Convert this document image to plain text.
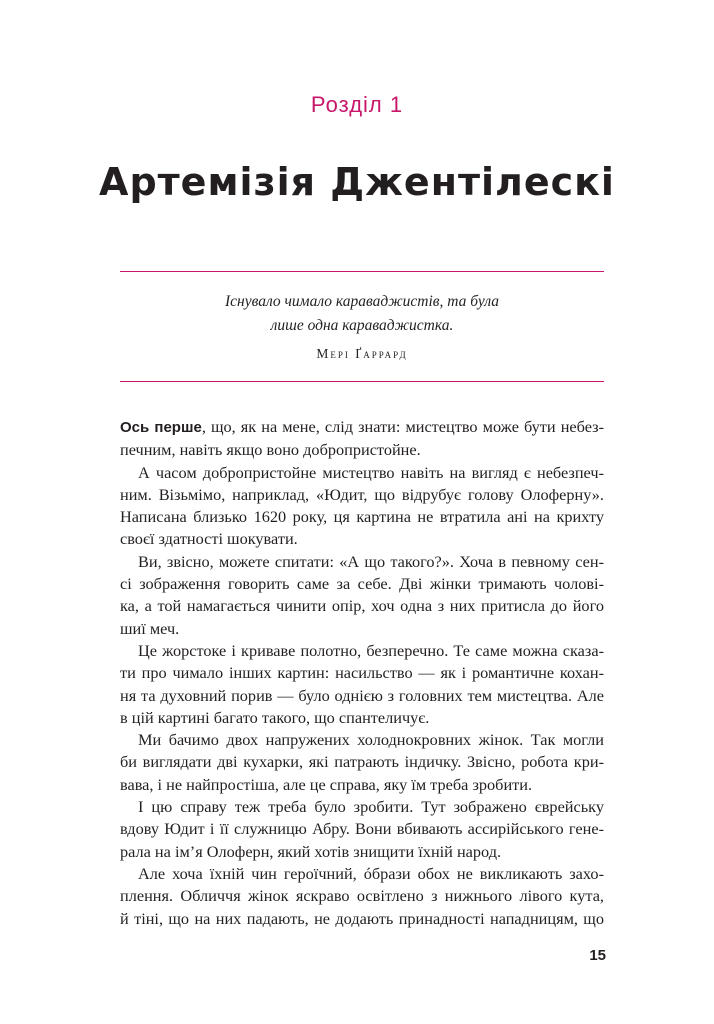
Розділ 1
Артемізія Джентілескі
Існувало чимало караваджистів, та була
лише одна караваджистка.
Мері Ґаррард
Ось перше, що, як на мене, слід знати: мистецтво може бути небез-
печним, навіть якщо воно добропристойне.
А часом добропристойне мистецтво навіть на вигляд є небезпеч-
ним. Візьмімо, наприклад, «Юдит, що відрубує голову Олоферну».
Написана близько 1620 року, ця картина не втратила ані на крихту
своєї здатності шокувати.
Ви, звісно, можете спитати: «А що такого?». Хоча в певному сен-
сі зображення говорить саме за себе. Дві жінки тримають чолові-
ка, а той намагається чинити опір, хоч одна з них притисла до його
шиї меч.
Це жорстоке і криваве полотно, безперечно. Те саме можна сказа-
ти про чимало інших картин: насильство — як і романтичне кохан-
ня та духовний порив — було однією з головних тем мистецтва. Але
в цій картині багато такого, що спантеличує.
Ми бачимо двох напружених холоднокровних жінок. Так могли
би виглядати дві кухарки, які патрають індичку. Звісно, робота кри-
вава, і не найпростіша, але це справа, яку їм треба зробити.
І цю справу теж треба було зробити. Тут зображено єврейську
вдову Юдит і її служницю Абру. Вони вбивають ассирійського гене-
рала на ім’я Олоферн, який хотів знищити їхній народ.
Але хоча їхній чин героїчний, óбрази обох не викликають захо-
плення. Обличчя жінок яскраво освітлено з нижнього лівого кута,
й тіні, що на них падають, не додають принадності нападницям, що
15
